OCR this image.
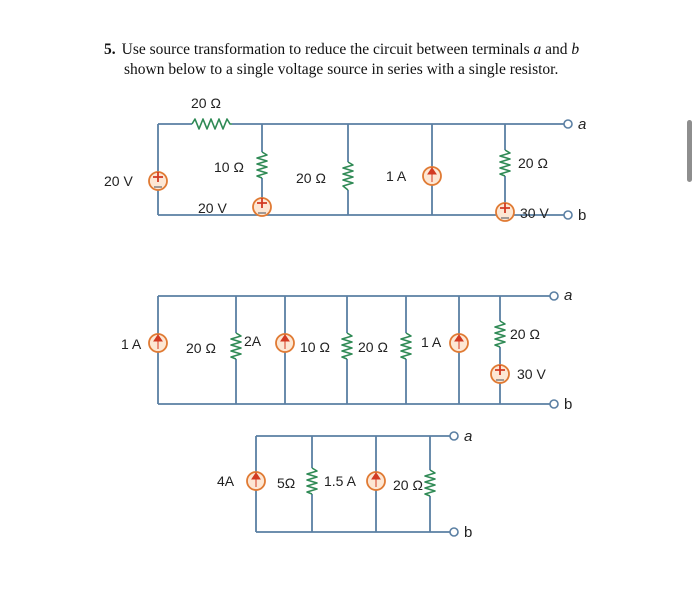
5. Use source transformation to reduce the circuit between terminals a and b
shown below to a single voltage source in series with a single resistor.
20 Ω
20 V
10 Ω
20 V
20 Ω	1 A
20 Ω
30 V
a
b
1 A	20 Ω 2A	10 Ω 20 Ω 1 A	20 Ω
30 V
a
b
4A	5Ω 1.5 A	20 Ω
a
b
